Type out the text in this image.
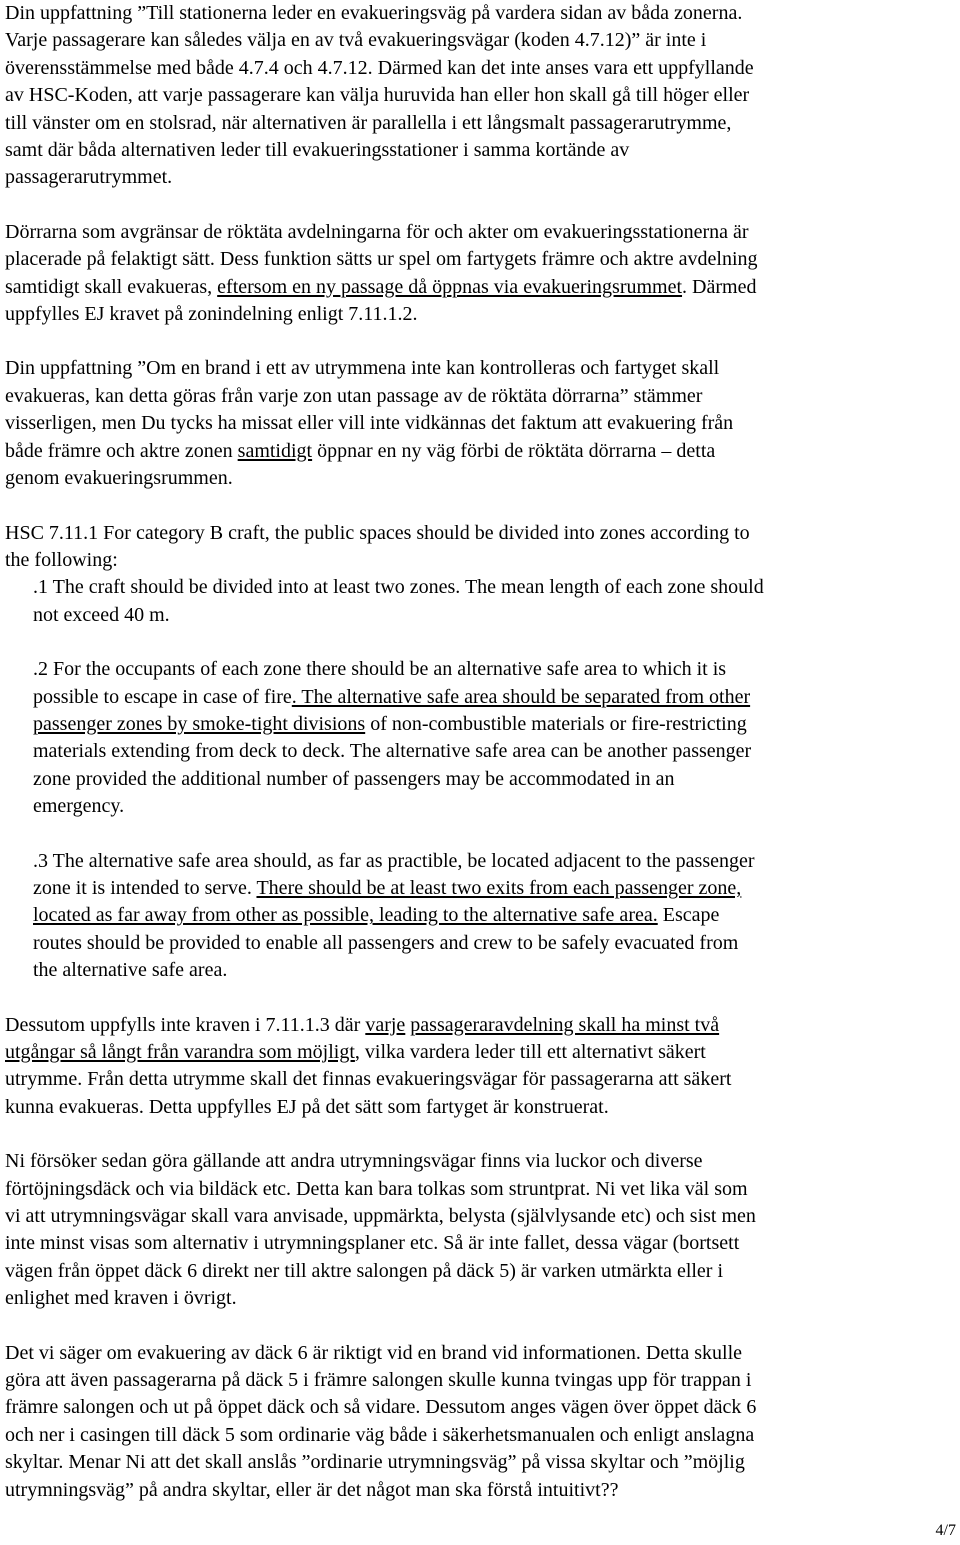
Din uppfattning ”Till stationerna leder en evakueringsväg på vardera sidan av båda zonerna.

Varje passagerare kan således välja en av två evakueringsvägar (koden 4.7.12)” är inte i

överensstämmelse med både 4.7.4 och 4.7.12. Därmed kan det inte anses vara ett uppfyllande

av HSC-Koden, att varje passagerare kan välja huruvida han eller hon skall gå till höger eller

till vänster om en stolsrad, när alternativen är parallella i ett långsmalt passagerarutrymme,

samt där båda alternativen leder till evakueringsstationer i samma kortände av

passagerarutrymmet.

Dörrarna som avgränsar de röktäta avdelningarna för och akter om evakueringsstationerna är

placerade på felaktigt sätt. Dess funktion sätts ur spel om fartygets främre och aktre avdelning

samtidigt skall evakueras, eftersom en ny passage då öppnas via evakueringsrummet. Därmed

uppfylles EJ kravet på zonindelning enligt 7.11.1.2.

Din uppfattning ”Om en brand i ett av utrymmena inte kan kontrolleras och fartyget skall

evakueras, kan detta göras från varje zon utan passage av de röktäta dörrarna” stämmer

visserligen, men Du tycks ha missat eller vill inte vidkännas det faktum att evakuering från

både främre och aktre zonen samtidigt öppnar en ny väg förbi de röktäta dörrarna – detta

genom evakueringsrummen.

HSC 7.11.1 For category B craft, the public spaces should be divided into zones according to

the following:

.1 The craft should be divided into at least two zones. The mean length of each zone should

not exceed 40 m.

.2 For the occupants of each zone there should be an alternative safe area to which it is

possible to escape in case of fire. The alternative safe area should be separated from other

passenger zones by smoke-tight divisions of non-combustible materials or fire-restricting

materials extending from deck to deck. The alternative safe area can be another passenger

zone provided the additional number of passengers may be accommodated in an

emergency.

.3 The alternative safe area should, as far as practible, be located adjacent to the passenger

zone it is intended to serve. There should be at least two exits from each passenger zone,

located as far away from other as possible, leading to the alternative safe area. Escape

routes should be provided to enable all passengers and crew to be safely evacuated from

the alternative safe area.

Dessutom uppfylls inte kraven i 7.11.1.3 där varje passageraravdelning skall ha minst två

utgångar så långt från varandra som möjligt, vilka vardera leder till ett alternativt säkert

utrymme. Från detta utrymme skall det finnas evakueringsvägar för passagerarna att säkert

kunna evakueras. Detta uppfylles EJ på det sätt som fartyget är konstruerat.

Ni försöker sedan göra gällande att andra utrymningsvägar finns via luckor och diverse

förtöjningsdäck och via bildäck etc. Detta kan bara tolkas som struntprat. Ni vet lika väl som

vi att utrymningsvägar skall vara anvisade, uppmärkta, belysta (självlysande etc) och sist men

inte minst visas som alternativ i utrymningsplaner etc. Så är inte fallet, dessa vägar (bortsett

vägen från öppet däck 6 direkt ner till aktre salongen på däck 5) är varken utmärkta eller i

enlighet med kraven i övrigt.

Det vi säger om evakuering av däck 6 är riktigt vid en brand vid informationen. Detta skulle

göra att även passagerarna på däck 5 i främre salongen skulle kunna tvingas upp för trappan i

främre salongen och ut på öppet däck och så vidare. Dessutom anges vägen över öppet däck 6

och ner i casingen till däck 5 som ordinarie väg både i säkerhetsmanualen och enligt anslagna

skyltar. Menar Ni att det skall anslås ”ordinarie utrymningsväg” på vissa skyltar och ”möjlig

utrymningsväg” på andra skyltar, eller är det något man ska förstå intuitivt??

4/7
